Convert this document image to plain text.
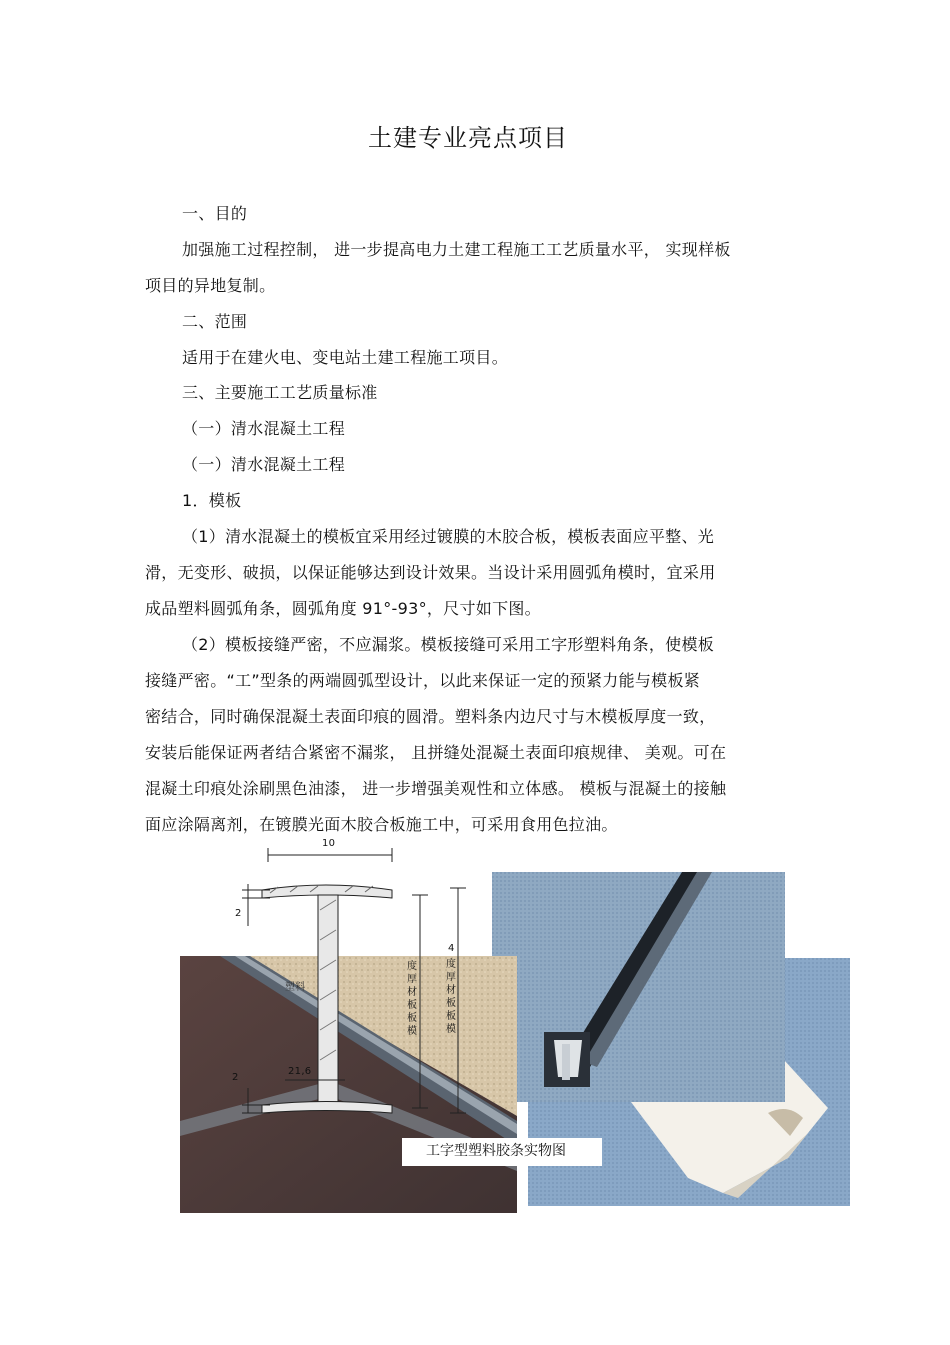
土建专业亮点项目
一、目的
加强施工过程控制， 进一步提高电力土建工程施工工艺质量水平， 实现样板
项目的异地复制。
二、范围
适用于在建火电、变电站土建工程施工项目。
三、主要施工工艺质量标准
（一）清水混凝土工程
（一）清水混凝土工程
1．模板
（1）清水混凝土的模板宜采用经过镀膜的木胶合板，模板表面应平整、光
滑，无变形、破损，以保证能够达到设计效果。当设计采用圆弧角模时，宜采用
成品塑料圆弧角条，圆弧角度 91°-93°，尺寸如下图。
（2）模板接缝严密，不应漏浆。模板接缝可采用工字形塑料角条，使模板
接缝严密。“工”型条的两端圆弧型设计，以此来保证一定的预紧力能与模板紧
密结合，同时确保混凝土表面印痕的圆滑。塑料条内边尺寸与木模板厚度一致，
安装后能保证两者结合紧密不漏浆， 且拼缝处混凝土表面印痕规律、 美观。可在
混凝土印痕处涂刷黑色油漆， 进一步增强美观性和立体感。 模板与混凝土的接触
面应涂隔离剂，在镀膜光面木胶合板施工中，可采用食用色拉油。
10
2
2
21,6
4
塑料
度厚材板板模
度厚材板板模
工字型塑料胶条实物图
